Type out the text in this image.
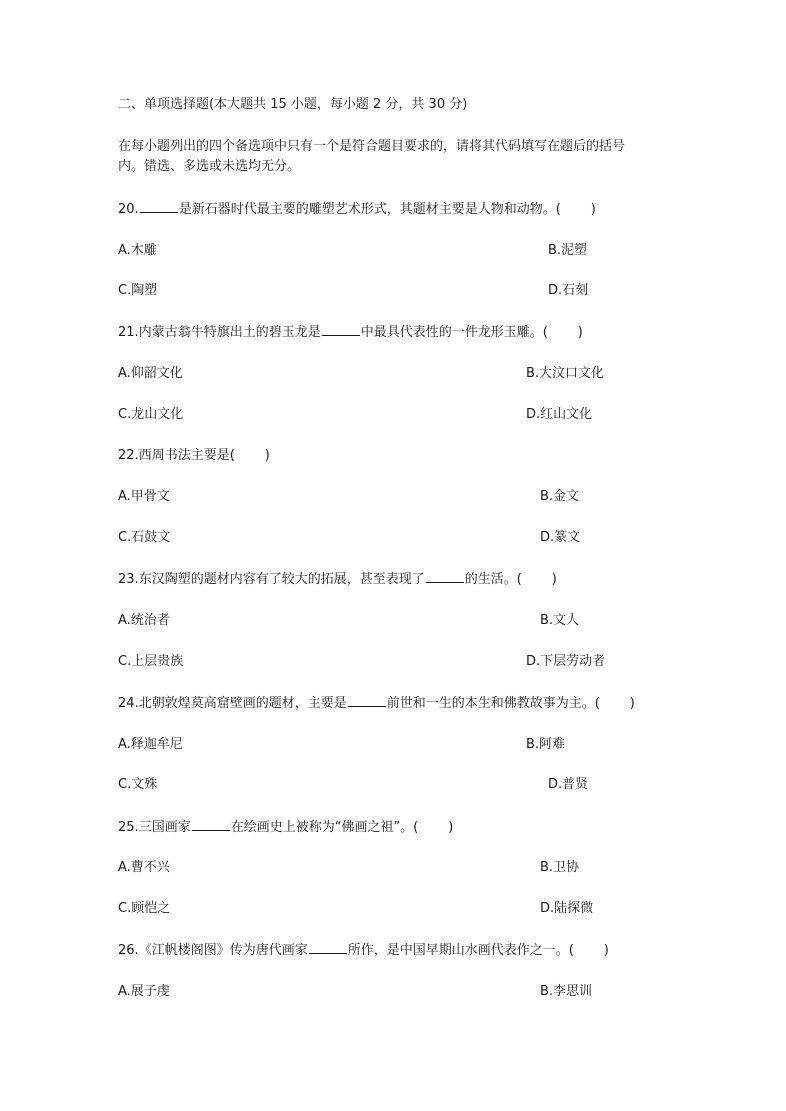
二、单项选择题(本大题共 15 小题，每小题 2 分，共 30 分)
在每小题列出的四个备选项中只有一个是符合题目要求的，请将其代码填写在题后的括号
内。错选、多选或未选均无分。
20.	是新石器时代最主要的雕塑艺术形式，其题材主要是人物和动物。( )
A.木雕	B.泥塑
C.陶塑	D.石刻
21.内蒙古翁牛特旗出土的碧玉龙是	中最具代表性的一件龙形玉雕。( )
A.仰韶文化	B.大汶口文化
C.龙山文化	D.红山文化
22.西周书法主要是( )
A.甲骨文	B.金文
C.石鼓文	D.篆文
23.东汉陶塑的题材内容有了较大的拓展，甚至表现了	的生活。( )
A.统治者	B.文人
C.上层贵族	D.下层劳动者
24.北朝敦煌莫高窟壁画的题材，主要是	前世和一生的本生和佛教故事为主。( )
A.释迦牟尼	B.阿难
C.文殊	D.普贤
25.三国画家	在绘画史上被称为“佛画之祖”。( )
A.曹不兴	B.卫协
C.顾恺之	D.陆探微
26.《江帆楼阁图》传为唐代画家	所作，是中国早期山水画代表作之一。( )
A.展子虔	B.李思训
